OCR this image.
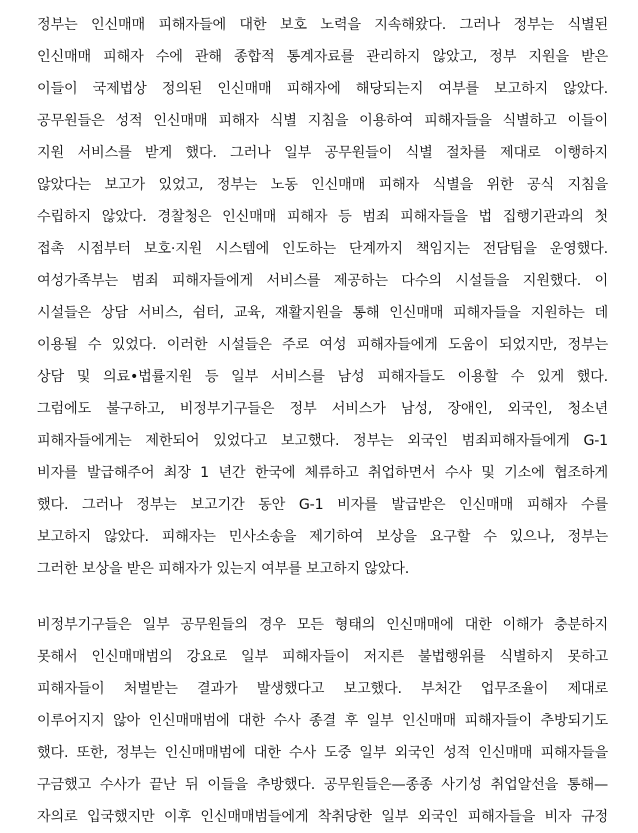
정부는 인신매매 피해자들에 대한 보호 노력을 지속해왔다. 그러나 정부는 식별된
인신매매 피해자 수에 관해 종합적 통계자료를 관리하지 않았고, 정부 지원을 받은
이들이 국제법상 정의된 인신매매 피해자에 해당되는지 여부를 보고하지 않았다.
공무원들은 성적 인신매매 피해자 식별 지침을 이용하여 피해자들을 식별하고 이들이
지원 서비스를 받게 했다. 그러나 일부 공무원들이 식별 절차를 제대로 이행하지
않았다는 보고가 있었고, 정부는 노동 인신매매 피해자 식별을 위한 공식 지침을
수립하지 않았다. 경찰청은 인신매매 피해자 등 범죄 피해자들을 법 집행기관과의 첫
접촉 시점부터 보호·지원 시스템에 인도하는 단계까지 책임지는 전담팀을 운영했다.
여성가족부는 범죄 피해자들에게 서비스를 제공하는 다수의 시설들을 지원했다. 이
시설들은 상담 서비스, 쉼터, 교육, 재활지원을 통해 인신매매 피해자들을 지원하는 데
이용될 수 있었다. 이러한 시설들은 주로 여성 피해자들에게 도움이 되었지만, 정부는
상담 및 의료•법률지원 등 일부 서비스를 남성 피해자들도 이용할 수 있게 했다.
그럼에도 불구하고, 비정부기구들은 정부 서비스가 남성, 장애인, 외국인, 청소년
피해자들에게는 제한되어 있었다고 보고했다. 정부는 외국인 범죄피해자들에게 G-1
비자를 발급해주어 최장 1 년간 한국에 체류하고 취업하면서 수사 및 기소에 협조하게
했다. 그러나 정부는 보고기간 동안 G-1 비자를 발급받은 인신매매 피해자 수를
보고하지 않았다. 피해자는 민사소송을 제기하여 보상을 요구할 수 있으나, 정부는
그러한 보상을 받은 피해자가 있는지 여부를 보고하지 않았다.
비정부기구들은 일부 공무원들의 경우 모든 형태의 인신매매에 대한 이해가 충분하지
못해서 인신매매범의 강요로 일부 피해자들이 저지른 불법행위를 식별하지 못하고
피해자들이 처벌받는 결과가 발생했다고 보고했다. 부처간 업무조율이 제대로
이루어지지 않아 인신매매범에 대한 수사 종결 후 일부 인신매매 피해자들이 추방되기도
했다. 또한, 정부는 인신매매범에 대한 수사 도중 일부 외국인 성적 인신매매 피해자들을
구금했고 수사가 끝난 뒤 이들을 추방했다. 공무원들은—종종 사기성 취업알선을 통해—
자의로 입국했지만 이후 인신매매범들에게 착취당한 일부 외국인 피해자들을 비자 규정
